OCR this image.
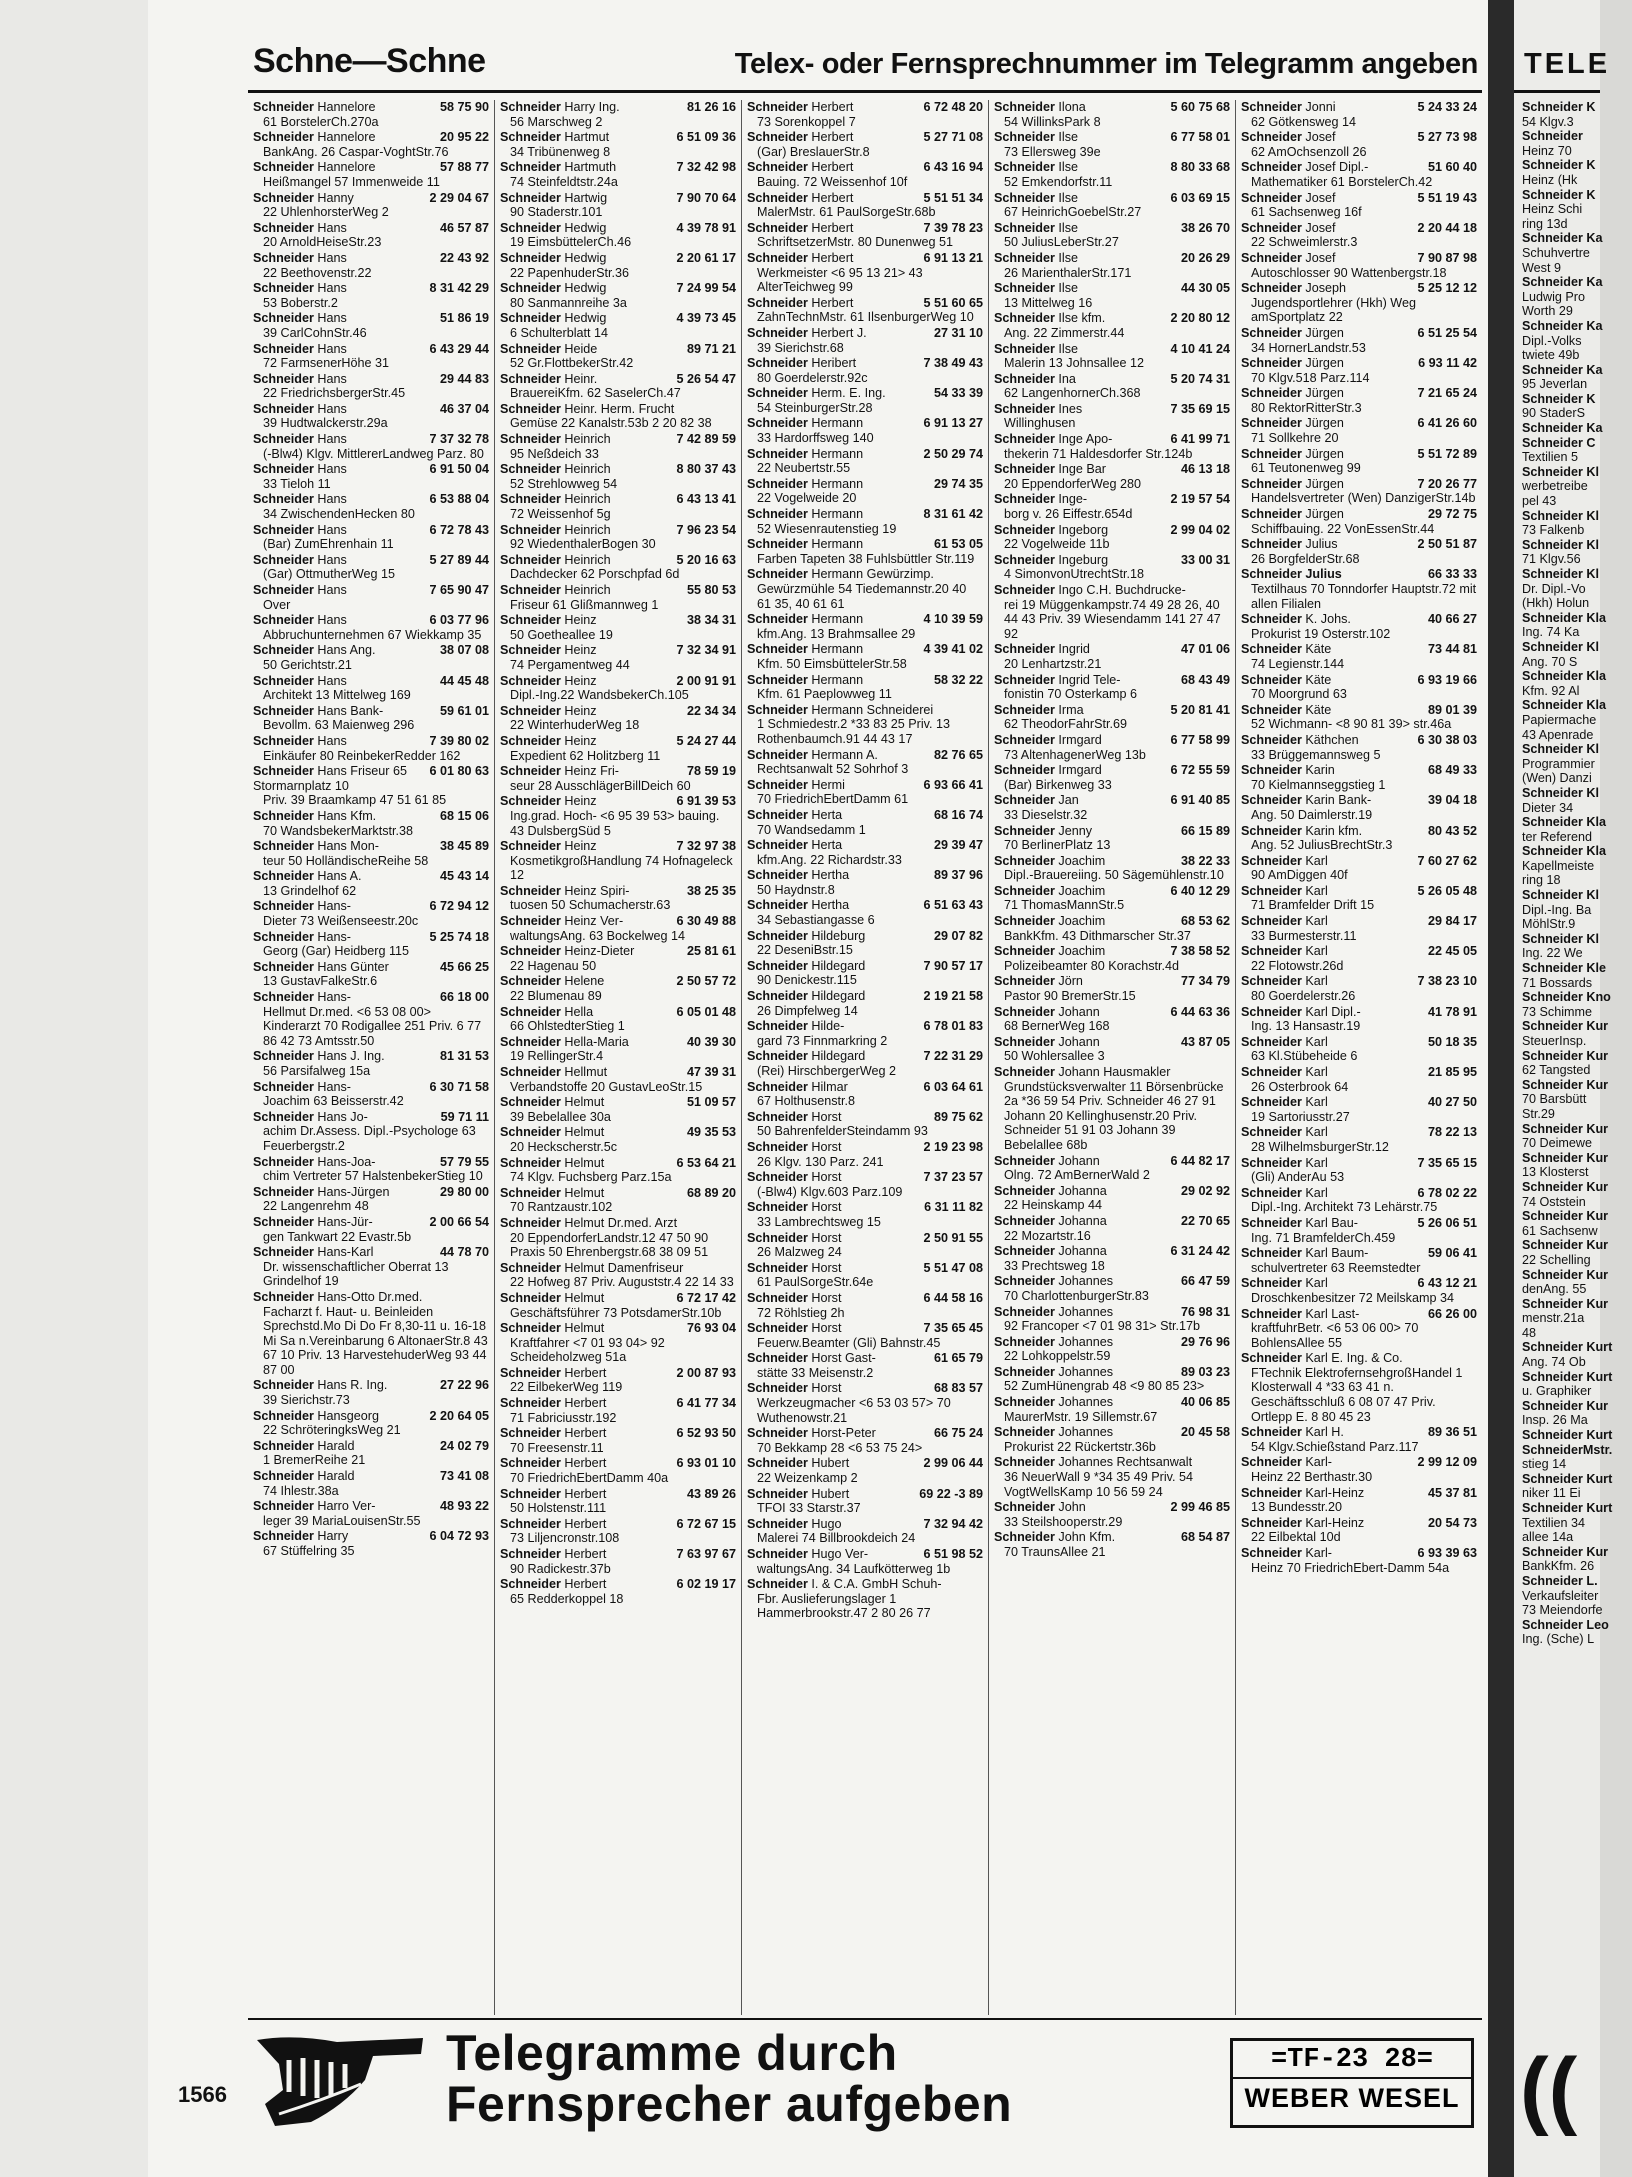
Schne—Schne	Telex- oder Fernsprechnummer im Telegramm angeben
58 75 90
Schneider Hannelore
61 BorstelerCh.270a
20 95 22
Schneider Hannelore
BankAng. 26 Caspar-VoghtStr.76
57 88 77
Schneider Hannelore
Heißmangel 57 Immenweide 11
2 29 04 67
Schneider Hanny
22 UhlenhorsterWeg 2
46 57 87
Schneider Hans
20 ArnoldHeiseStr.23
22 43 92
Schneider Hans
22 Beethovenstr.22
8 31 42 29
Schneider Hans
53 Boberstr.2
51 86 19
Schneider Hans
39 CarlCohnStr.46
6 43 29 44
Schneider Hans
72 FarmsenerHöhe 31
29 44 83
Schneider Hans
22 FriedrichsbergerStr.45
46 37 04
Schneider Hans
39 Hudtwalckerstr.29a
7 37 32 78
Schneider Hans
(-Blw4) Klgv. MittlererLandweg Parz. 80
6 91 50 04
Schneider Hans
33 Tieloh 11
6 53 88 04
Schneider Hans
34 ZwischendenHecken 80
6 72 78 43
Schneider Hans
(Bar) ZumEhrenhain 11
5 27 89 44
Schneider Hans
(Gar) OttmutherWeg 15
7 65 90 47
Schneider Hans
Over
6 03 77 96
Schneider Hans
Abbruchunternehmen 67 Wiekkamp 35
38 07 08
Schneider Hans Ang.
50 Gerichtstr.21
44 45 48
Schneider Hans
Architekt 13 Mittelweg 169
59 61 01
Schneider Hans Bank-
Bevollm. 63 Maienweg 296
7 39 80 02
Schneider Hans
Einkäufer 80 ReinbekerRedder 162
6 01 80 63
Schneider Hans Friseur 65 Stormarnplatz 10
Priv. 39 Braamkamp 47 51 61 85
68 15 06
Schneider Hans Kfm.
70 WandsbekerMarktstr.38
38 45 89
Schneider Hans Mon-
teur 50 HolländischeReihe 58
45 43 14
Schneider Hans A.
13 Grindelhof 62
6 72 94 12
Schneider Hans-
Dieter 73 Weißenseestr.20c
5 25 74 18
Schneider Hans-
Georg (Gar) Heidberg 115
45 66 25
Schneider Hans Günter
13 GustavFalkeStr.6
66 18 00
Schneider Hans-
Hellmut Dr.med. <6 53 08 00> Kinderarzt 70 Rodigallee 251 Priv. 6 77 86 42 73 Amtsstr.50
81 31 53
Schneider Hans J. Ing.
56 Parsifalweg 15a
6 30 71 58
Schneider Hans-
Joachim 63 Beisserstr.42
59 71 11
Schneider Hans Jo-
achim Dr.Assess. Dipl.-Psychologe 63 Feuerbergstr.2
57 79 55
Schneider Hans-Joa-
chim Vertreter 57 HalstenbekerStieg 10
29 80 00
Schneider Hans-Jürgen
22 Langenrehm 48
2 00 66 54
Schneider Hans-Jür-
gen Tankwart 22 Evastr.5b
44 78 70
Schneider Hans-Karl
Dr. wissenschaftlicher Oberrat 13 Grindelhof 19
Schneider Hans-Otto Dr.med.
Facharzt f. Haut- u. Beinleiden Sprechstd.Mo Di Do Fr 8,30-11 u. 16-18 Mi Sa n.Vereinbarung 6 AltonaerStr.8 43 67 10 Priv. 13 HarvestehuderWeg 93 44 87 00
27 22 96
Schneider Hans R. Ing.
39 Sierichstr.73
2 20 64 05
Schneider Hansgeorg
22 SchröteringksWeg 21
24 02 79
Schneider Harald
1 BremerReihe 21
73 41 08
Schneider Harald
74 Ihlestr.38a
48 93 22
Schneider Harro Ver-
leger 39 MariaLouisenStr.55
6 04 72 93
Schneider Harry
67 Stüffelring 35
81 26 16
Schneider Harry Ing.
56 Marschweg 2
6 51 09 36
Schneider Hartmut
34 Tribünenweg 8
7 32 42 98
Schneider Hartmuth
74 Steinfeldtstr.24a
7 90 70 64
Schneider Hartwig
90 Staderstr.101
4 39 78 91
Schneider Hedwig
19 EimsbüttelerCh.46
2 20 61 17
Schneider Hedwig
22 PapenhuderStr.36
7 24 99 54
Schneider Hedwig
80 Sanmannreihe 3a
4 39 73 45
Schneider Hedwig
6 Schulterblatt 14
89 71 21
Schneider Heide
52 Gr.FlottbekerStr.42
5 26 54 47
Schneider Heinr.
BrauereiKfm. 62 SaselerCh.47
Schneider Heinr. Herm. Frucht
Gemüse 22 Kanalstr.53b 2 20 82 38
7 42 89 59
Schneider Heinrich
95 Neßdeich 33
8 80 37 43
Schneider Heinrich
52 Strehlowweg 54
6 43 13 41
Schneider Heinrich
72 Weissenhof 5g
7 96 23 54
Schneider Heinrich
92 WiedenthalerBogen 30
5 20 16 63
Schneider Heinrich
Dachdecker 62 Porschpfad 6d
55 80 53
Schneider Heinrich
Friseur 61 Glißmannweg 1
38 34 31
Schneider Heinz
50 Goetheallee 19
7 32 34 91
Schneider Heinz
74 Pergamentweg 44
2 00 91 91
Schneider Heinz
Dipl.-Ing.22 WandsbekerCh.105
22 34 34
Schneider Heinz
22 WinterhuderWeg 18
5 24 27 44
Schneider Heinz
Expedient 62 Holitzberg 11
78 59 19
Schneider Heinz Fri-
seur 28 AusschlägerBillDeich 60
6 91 39 53
Schneider Heinz
Ing.grad. Hoch- <6 95 39 53> bauing. 43 DulsbergSüd 5
7 32 97 38
Schneider Heinz
KosmetikgroßHandlung 74 Hofnageleck 12
38 25 35
Schneider Heinz Spiri-
tuosen 50 Schumacherstr.63
6 30 49 88
Schneider Heinz Ver-
waltungsAng. 63 Bockelweg 14
25 81 61
Schneider Heinz-Dieter
22 Hagenau 50
2 50 57 72
Schneider Helene
22 Blumenau 89
6 05 01 48
Schneider Hella
66 OhlstedterStieg 1
40 39 30
Schneider Hella-Maria
19 RellingerStr.4
47 39 31
Schneider Hellmut
Verbandstoffe 20 GustavLeoStr.15
51 09 57
Schneider Helmut
39 Bebelallee 30a
49 35 53
Schneider Helmut
20 Heckscherstr.5c
6 53 64 21
Schneider Helmut
74 Klgv. Fuchsberg Parz.15a
68 89 20
Schneider Helmut
70 Rantzaustr.102
Schneider Helmut Dr.med. Arzt
20 EppendorferLandstr.12 47 50 90 Praxis 50 Ehrenbergstr.68 38 09 51
Schneider Helmut Damenfriseur
22 Hofweg 87 Priv. Auguststr.4 22 14 33
6 72 17 42
Schneider Helmut
Geschäftsführer 73 PotsdamerStr.10b
76 93 04
Schneider Helmut
Kraftfahrer <7 01 93 04> 92 Scheideholzweg 51a
2 00 87 93
Schneider Herbert
22 EilbekerWeg 119
6 41 77 34
Schneider Herbert
71 Fabriciusstr.192
6 52 93 50
Schneider Herbert
70 Freesenstr.11
6 93 01 10
Schneider Herbert
70 FriedrichEbertDamm 40a
43 89 26
Schneider Herbert
50 Holstenstr.111
6 72 67 15
Schneider Herbert
73 Liljencronstr.108
7 63 97 67
Schneider Herbert
90 Radickestr.37b
6 02 19 17
Schneider Herbert
65 Redderkoppel 18
6 72 48 20
Schneider Herbert
73 Sorenkoppel 7
5 27 71 08
Schneider Herbert
(Gar) BreslauerStr.8
6 43 16 94
Schneider Herbert
Bauing. 72 Weissenhof 10f
5 51 51 34
Schneider Herbert
MalerMstr. 61 PaulSorgeStr.68b
7 39 78 23
Schneider Herbert
SchriftsetzerMstr. 80 Dunenweg 51
6 91 13 21
Schneider Herbert
Werkmeister <6 95 13 21> 43 AlterTeichweg 99
5 51 60 65
Schneider Herbert
ZahnTechnMstr. 61 IlsenburgerWeg 10
27 31 10
Schneider Herbert J.
39 Sierichstr.68
7 38 49 43
Schneider Heribert
80 Goerdelerstr.92c
54 33 39
Schneider Herm. E. Ing.
54 SteinburgerStr.28
6 91 13 27
Schneider Hermann
33 Hardorffsweg 140
2 50 29 74
Schneider Hermann
22 Neubertstr.55
29 74 35
Schneider Hermann
22 Vogelweide 20
8 31 61 42
Schneider Hermann
52 Wiesenrautenstieg 19
61 53 05
Schneider Hermann
Farben Tapeten 38 Fuhlsbüttler Str.119
Schneider Hermann Gewürzimp.
Gewürzmühle 54 Tiedemannstr.20 40 61 35, 40 61 61
4 10 39 59
Schneider Hermann
kfm.Ang. 13 Brahmsallee 29
4 39 41 02
Schneider Hermann
Kfm. 50 EimsbüttelerStr.58
58 32 22
Schneider Hermann
Kfm. 61 Paeplowweg 11
Schneider Hermann Schneiderei
1 Schmiedestr.2 *33 83 25 Priv. 13 Rothenbaumch.91 44 43 17
82 76 65
Schneider Hermann A.
Rechtsanwalt 52 Sohrhof 3
6 93 66 41
Schneider Hermi
70 FriedrichEbertDamm 61
68 16 74
Schneider Herta
70 Wandsedamm 1
29 39 47
Schneider Herta
kfm.Ang. 22 Richardstr.33
89 37 96
Schneider Hertha
50 Haydnstr.8
6 51 63 43
Schneider Hertha
34 Sebastiangasse 6
29 07 82
Schneider Hildeburg
22 DeseniBstr.15
7 90 57 17
Schneider Hildegard
90 Denickestr.115
2 19 21 58
Schneider Hildegard
26 Dimpfelweg 14
6 78 01 83
Schneider Hilde-
gard 73 Finnmarkring 2
7 22 31 29
Schneider Hildegard
(Rei) HirschbergerWeg 2
6 03 64 61
Schneider Hilmar
67 Holthusenstr.8
89 75 62
Schneider Horst
50 BahrenfelderSteindamm 93
2 19 23 98
Schneider Horst
26 Klgv. 130 Parz. 241
7 37 23 57
Schneider Horst
(-Blw4) Klgv.603 Parz.109
6 31 11 82
Schneider Horst
33 Lambrechtsweg 15
2 50 91 55
Schneider Horst
26 Malzweg 24
5 51 47 08
Schneider Horst
61 PaulSorgeStr.64e
6 44 58 16
Schneider Horst
72 Röhlstieg 2h
7 35 65 45
Schneider Horst
Feuerw.Beamter (Gli) Bahnstr.45
61 65 79
Schneider Horst Gast-
stätte 33 Meisenstr.2
68 83 57
Schneider Horst
Werkzeugmacher <6 53 03 57> 70 Wuthenowstr.21
66 75 24
Schneider Horst-Peter
70 Bekkamp 28 <6 53 75 24>
2 99 06 44
Schneider Hubert
22 Weizenkamp 2
69 22 -3 89
Schneider Hubert
TFOI 33 Starstr.37
7 32 94 42
Schneider Hugo
Malerei 74 Billbrookdeich 24
6 51 98 52
Schneider Hugo Ver-
waltungsAng. 34 Laufkötterweg 1b
Schneider I. & C.A. GmbH Schuh-
Fbr. Auslieferungslager 1 Hammerbrookstr.47 2 80 26 77
5 60 75 68
Schneider Ilona
54 WillinksPark 8
6 77 58 01
Schneider Ilse
73 Ellersweg 39e
8 80 33 68
Schneider Ilse
52 Emkendorfstr.11
6 03 69 15
Schneider Ilse
67 HeinrichGoebelStr.27
38 26 70
Schneider Ilse
50 JuliusLeberStr.27
20 26 29
Schneider Ilse
26 MarienthalerStr.171
44 30 05
Schneider Ilse
13 Mittelweg 16
2 20 80 12
Schneider Ilse kfm.
Ang. 22 Zimmerstr.44
4 10 41 24
Schneider Ilse
Malerin 13 Johnsallee 12
5 20 74 31
Schneider Ina
62 LangenhornerCh.368
7 35 69 15
Schneider Ines
Willinghusen
6 41 99 71
Schneider Inge Apo-
thekerin 71 Haldesdorfer Str.124b
46 13 18
Schneider Inge Bar
20 EppendorferWeg 280
2 19 57 54
Schneider Inge-
borg v. 26 Eiffestr.654d
2 99 04 02
Schneider Ingeborg
22 Vogelweide 11b
33 00 31
Schneider Ingeburg
4 SimonvonUtrechtStr.18
Schneider Ingo C.H. Buchdrucke-
rei 19 Müggenkampstr.74 49 28 26, 40 44 43 Priv. 39 Wiesendamm 141 27 47 92
47 01 06
Schneider Ingrid
20 Lenhartzstr.21
68 43 49
Schneider Ingrid Tele-
fonistin 70 Osterkamp 6
5 20 81 41
Schneider Irma
62 TheodorFahrStr.69
6 77 58 99
Schneider Irmgard
73 AltenhagenerWeg 13b
6 72 55 59
Schneider Irmgard
(Bar) Birkenweg 33
6 91 40 85
Schneider Jan
33 Dieselstr.32
66 15 89
Schneider Jenny
70 BerlinerPlatz 13
38 22 33
Schneider Joachim
Dipl.-Brauereiing. 50 Sägemühlenstr.10
6 40 12 29
Schneider Joachim
71 ThomasMannStr.5
68 53 62
Schneider Joachim
BankKfm. 43 Dithmarscher Str.37
7 38 58 52
Schneider Joachim
Polizeibeamter 80 Korachstr.4d
77 34 79
Schneider Jörn
Pastor 90 BremerStr.15
6 44 63 36
Schneider Johann
68 BernerWeg 168
43 87 05
Schneider Johann
50 Wohlersallee 3
Schneider Johann Hausmakler
Grundstücksverwalter 11 Börsenbrücke 2a *36 59 54 Priv. Schneider 46 27 91 Johann 20 Kellinghusenstr.20 Priv. Schneider 51 91 03 Johann 39 Bebelallee 68b
6 44 82 17
Schneider Johann
Olng. 72 AmBernerWald 2
29 02 92
Schneider Johanna
22 Heinskamp 44
22 70 65
Schneider Johanna
22 Mozartstr.16
6 31 24 42
Schneider Johanna
33 Prechtsweg 18
66 47 59
Schneider Johannes
70 CharlottenburgerStr.83
76 98 31
Schneider Johannes
92 Francoper <7 01 98 31> Str.17b
29 76 96
Schneider Johannes
22 Lohkoppelstr.59
89 03 23
Schneider Johannes
52 ZumHünengrab 48 <9 80 85 23>
40 06 85
Schneider Johannes
MaurerMstr. 19 Sillemstr.67
20 45 58
Schneider Johannes
Prokurist 22 Rückertstr.36b
Schneider Johannes Rechtsanwalt
36 NeuerWall 9 *34 35 49 Priv. 54 VogtWellsKamp 10 56 59 24
2 99 46 85
Schneider John
33 Steilshooperstr.29
68 54 87
Schneider John Kfm.
70 TraunsAllee 21
5 24 33 24
Schneider Jonni
62 Götkensweg 14
5 27 73 98
Schneider Josef
62 AmOchsenzoll 26
51 60 40
Schneider Josef Dipl.-
Mathematiker 61 BorstelerCh.42
5 51 19 43
Schneider Josef
61 Sachsenweg 16f
2 20 44 18
Schneider Josef
22 Schweimlerstr.3
7 90 87 98
Schneider Josef
Autoschlosser 90 Wattenbergstr.18
5 25 12 12
Schneider Joseph
Jugendsportlehrer (Hkh) Weg amSportplatz 22
6 51 25 54
Schneider Jürgen
34 HornerLandstr.53
6 93 11 42
Schneider Jürgen
70 Klgv.518 Parz.114
7 21 65 24
Schneider Jürgen
80 RektorRitterStr.3
6 41 26 60
Schneider Jürgen
71 Sollkehre 20
5 51 72 89
Schneider Jürgen
61 Teutonenweg 99
7 20 26 77
Schneider Jürgen
Handelsvertreter (Wen) DanzigerStr.14b
29 72 75
Schneider Jürgen
Schiffbauing. 22 VonEssenStr.44
2 50 51 87
Schneider Julius
26 BorgfelderStr.68
66 33 33
Schneider Julius
Textilhaus 70 Tonndorfer Hauptstr.72 mit allen Filialen
40 66 27
Schneider K. Johs.
Prokurist 19 Osterstr.102
73 44 81
Schneider Käte
74 Legienstr.144
6 93 19 66
Schneider Käte
70 Moorgrund 63
89 01 39
Schneider Käte
52 Wichmann- <8 90 81 39> str.46a
6 30 38 03
Schneider Käthchen
33 Brüggemannsweg 5
68 49 33
Schneider Karin
70 Kielmannseggstieg 1
39 04 18
Schneider Karin Bank-
Ang. 50 Daimlerstr.19
80 43 52
Schneider Karin kfm.
Ang. 52 JuliusBrechtStr.3
7 60 27 62
Schneider Karl
90 AmDiggen 40f
5 26 05 48
Schneider Karl
71 Bramfelder Drift 15
29 84 17
Schneider Karl
33 Burmesterstr.11
22 45 05
Schneider Karl
22 Flotowstr.26d
7 38 23 10
Schneider Karl
80 Goerdelerstr.26
41 78 91
Schneider Karl Dipl.-
Ing. 13 Hansastr.19
50 18 35
Schneider Karl
63 Kl.Stübeheide 6
21 85 95
Schneider Karl
26 Osterbrook 64
40 27 50
Schneider Karl
19 Sartoriusstr.27
78 22 13
Schneider Karl
28 WilhelmsburgerStr.12
7 35 65 15
Schneider Karl
(Gli) AnderAu 53
6 78 02 22
Schneider Karl
Dipl.-Ing. Architekt 73 Lehärstr.75
5 26 06 51
Schneider Karl Bau-
Ing. 71 BramfelderCh.459
59 06 41
Schneider Karl Baum-
schulvertreter 63 Reemstedter
6 43 12 21
Schneider Karl
Droschkenbesitzer 72 Meilskamp 34
66 26 00
Schneider Karl Last-
kraftfuhrBetr. <6 53 06 00> 70 BohlensAllee 55
Schneider Karl E. Ing. & Co.
FTechnik ElektrofernsehgroßHandel 1 Klosterwall 4 *33 63 41 n. Geschäftsschluß 6 08 07 47 Priv. Ortlepp E. 8 80 45 23
89 36 51
Schneider Karl H.
54 Klgv.Schießstand Parz.117
2 99 12 09
Schneider Karl-
Heinz 22 Berthastr.30
45 37 81
Schneider Karl-Heinz
13 Bundesstr.20
20 54 73
Schneider Karl-Heinz
22 Eilbektal 10d
6 93 39 63
Schneider Karl-
Heinz 70 FriedrichEbert-Damm 54a
Telegramme durch
Fernsprecher aufgeben
=TF-23 28=
WEBER WESEL
1566
TELE
Schneider K
54 Klgv.3
Schneider
Heinz 70
Schneider K
Heinz (Hk
Schneider K
Heinz Schi
ring 13d
Schneider Ka
Schuhvertre
West 9
Schneider Ka
Ludwig Pro
Worth 29
Schneider Ka
Dipl.-Volks
twiete 49b
Schneider Ka
95 Jeverlan
Schneider K
90 StaderS
Schneider Ka
Schneider C
Textilien 5
Schneider Kl
werbetreibe
pel 43
Schneider Kl
73 Falkenb
Schneider Kl
71 Klgv.56
Schneider Kl
Dr. Dipl.-Vo
(Hkh) Holun
Schneider Kla
Ing. 74 Ka
Schneider Kl
Ang. 70 S
Schneider Kla
Kfm. 92 Al
Schneider Kla
Papiermache
43 Apenrade
Schneider Kl
Programmier
(Wen) Danzi
Schneider Kl
Dieter 34
Schneider Kla
ter Referend
Schneider Kla
Kapellmeiste
ring 18
Schneider Kl
Dipl.-Ing. Ba
MöhlStr.9
Schneider Kl
Ing. 22 We
Schneider Kle
71 Bossards
Schneider Kno
73 Schimme
Schneider Kur
SteuerInsp.
Schneider Kur
62 Tangsted
Schneider Kur
70 Barsbütt
Str.29
Schneider Kur
70 Deimewe
Schneider Kur
13 Klosterst
Schneider Kur
74 Oststein
Schneider Kur
61 Sachsenw
Schneider Kur
22 Schelling
Schneider Kur
denAng. 55
Schneider Kur
menstr.21a
48
Schneider Kurt
Ang. 74 Ob
Schneider Kurt
u. Graphiker
Schneider Kur
Insp. 26 Ma
Schneider Kurt
SchneiderMstr.
stieg 14
Schneider Kurt
niker 11 Ei
Schneider Kurt
Textilien 34
allee 14a
Schneider Kur
BankKfm. 26
Schneider L.
Verkaufsleiter
73 Meiendorfe
Schneider Leo
Ing. (Sche) L
((
